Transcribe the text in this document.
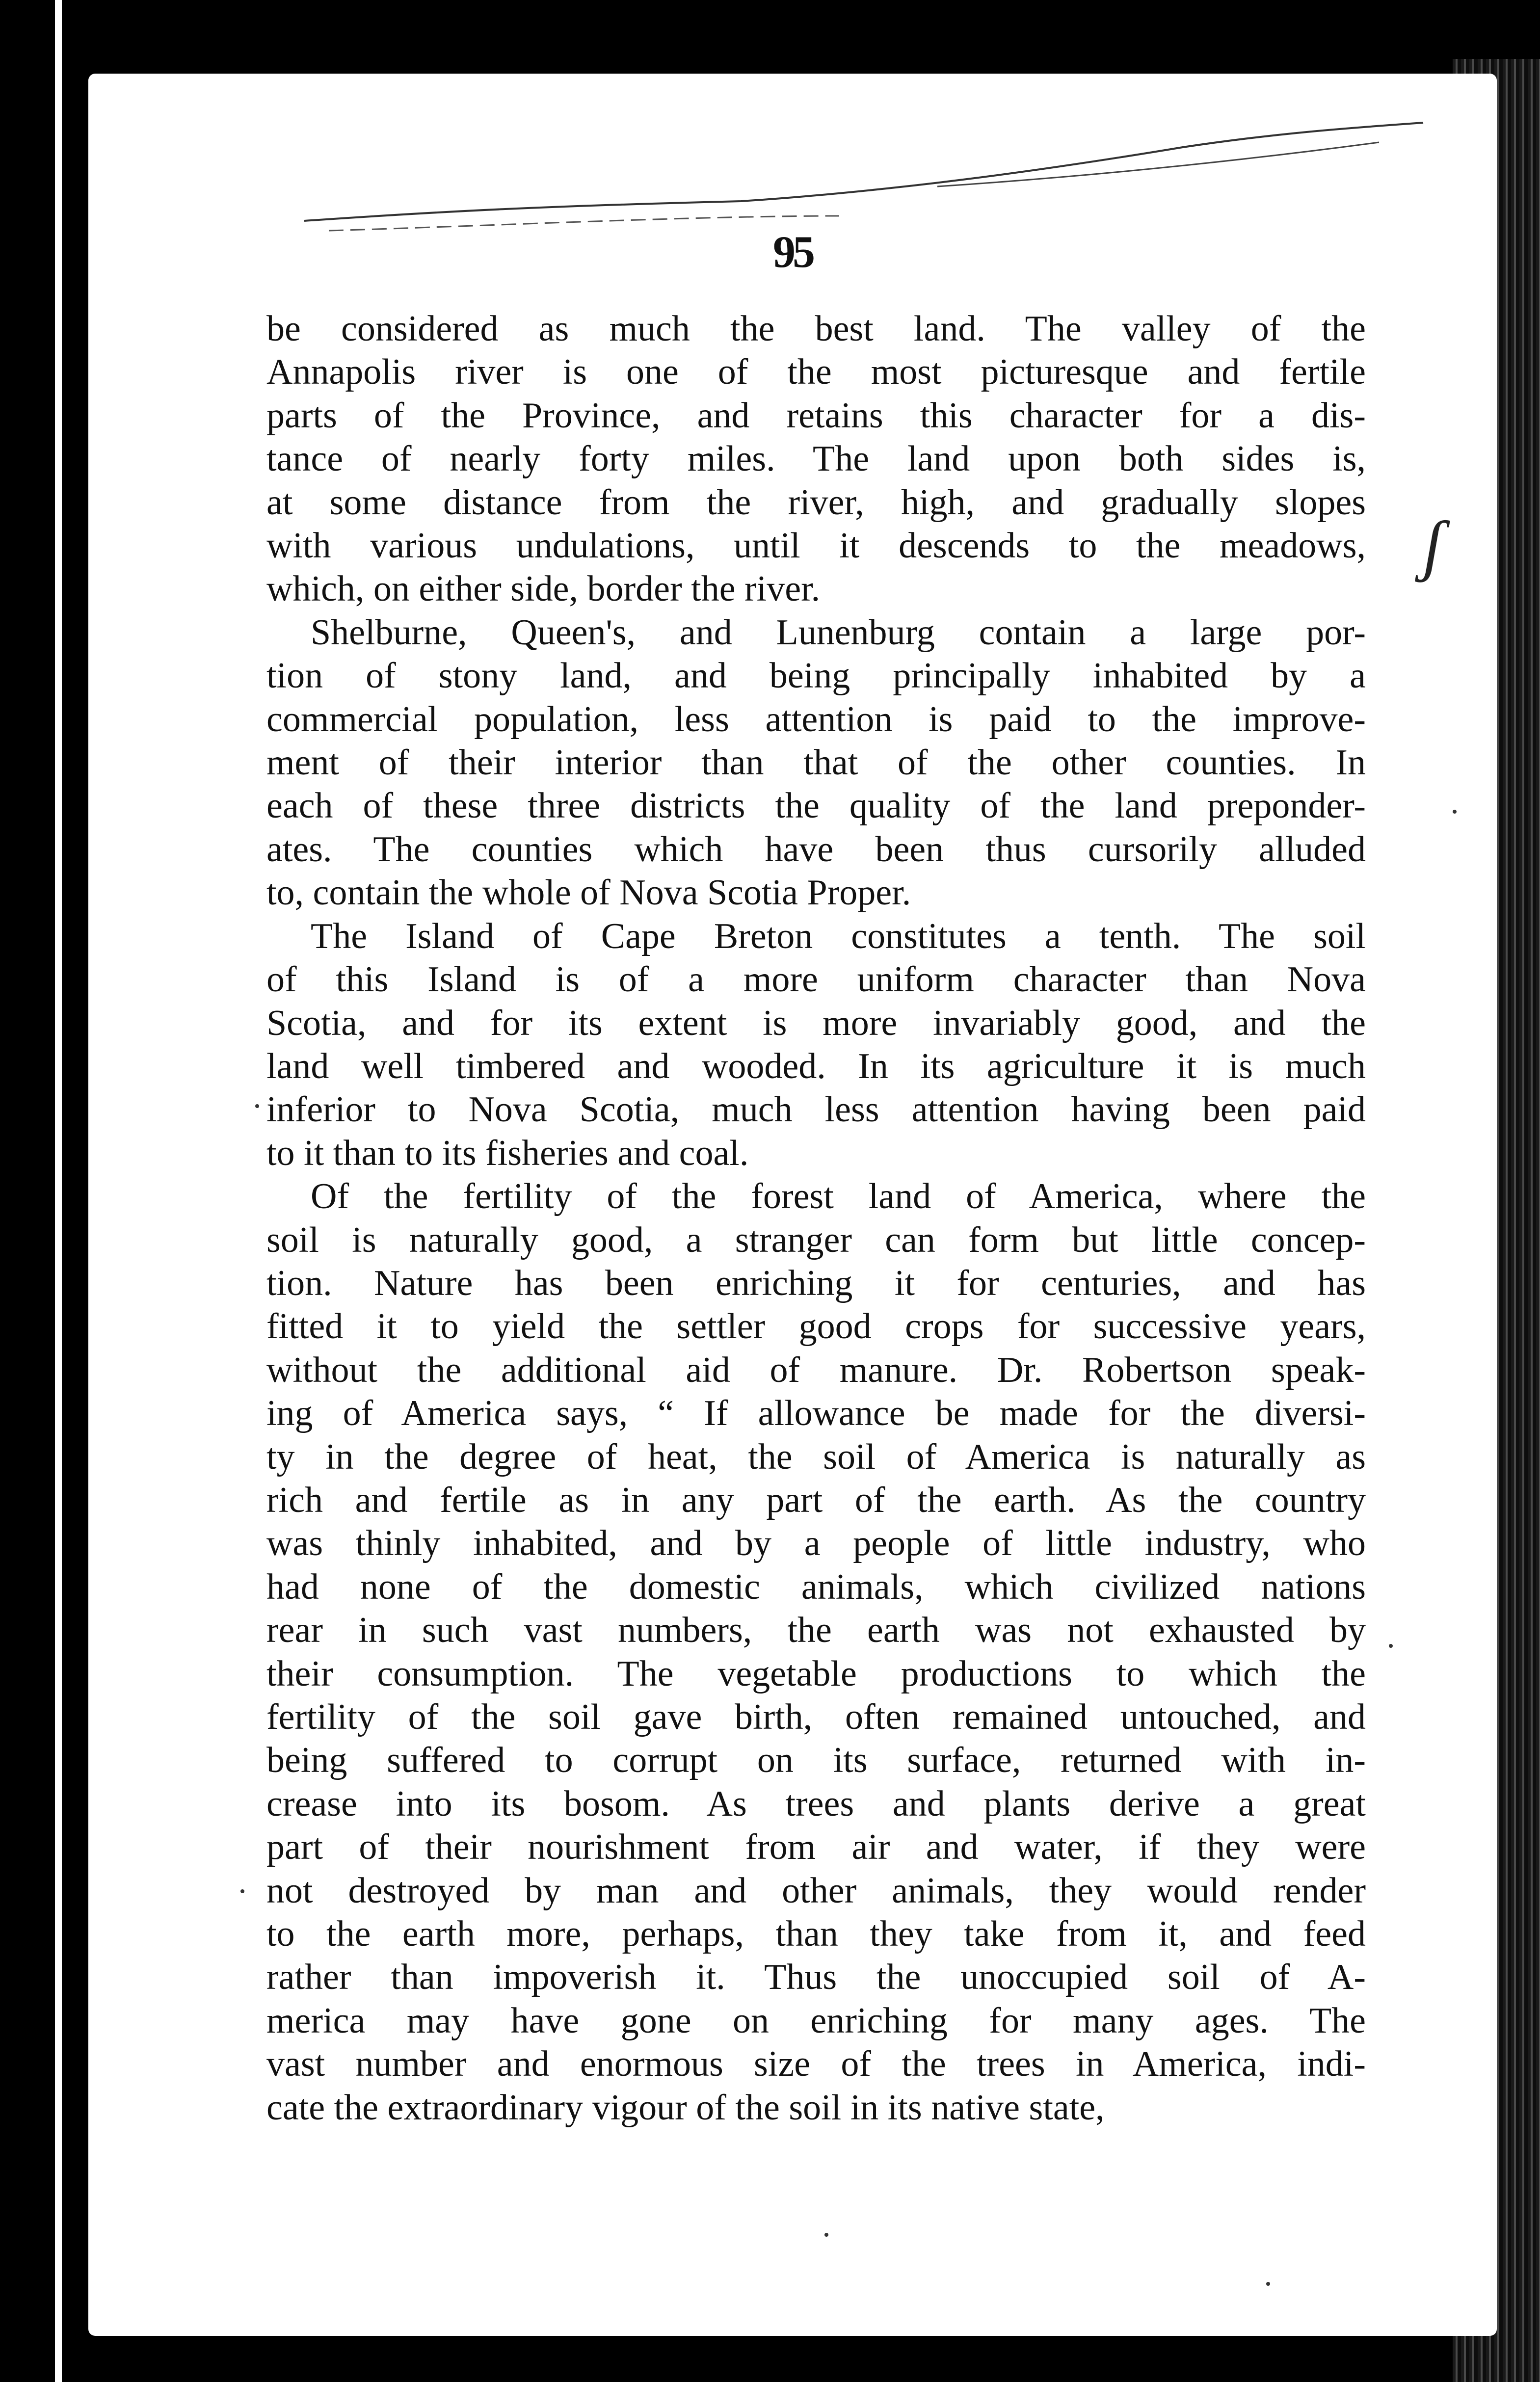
95
be considered as much the best land. The valley of the
Annapolis river is one of the most picturesque and fertile
parts of the Province, and retains this character for a dis-
tance of nearly forty miles. The land upon both sides is,
at some distance from the river, high, and gradually slopes
with various undulations, until it descends to the meadows,
which, on either side, border the river.
Shelburne, Queen's, and Lunenburg contain a large por-
tion of stony land, and being principally inhabited by a
commercial population, less attention is paid to the improve-
ment of their interior than that of the other counties. In
each of these three districts the quality of the land preponder-
ates. The counties which have been thus cursorily alluded
to, contain the whole of Nova Scotia Proper.
The Island of Cape Breton constitutes a tenth. The soil
of this Island is of a more uniform character than Nova
Scotia, and for its extent is more invariably good, and the
land well timbered and wooded. In its agriculture it is much
inferior to Nova Scotia, much less attention having been paid
to it than to its fisheries and coal.
Of the fertility of the forest land of America, where the
soil is naturally good, a stranger can form but little concep-
tion. Nature has been enriching it for centuries, and has
fitted it to yield the settler good crops for successive years,
without the additional aid of manure. Dr. Robertson speak-
ing of America says, “ If allowance be made for the diversi-
ty in the degree of heat, the soil of America is naturally as
rich and fertile as in any part of the earth. As the country
was thinly inhabited, and by a people of little industry, who
had none of the domestic animals, which civilized nations
rear in such vast numbers, the earth was not exhausted by
their consumption. The vegetable productions to which the
fertility of the soil gave birth, often remained untouched, and
being suffered to corrupt on its surface, returned with in-
crease into its bosom. As trees and plants derive a great
part of their nourishment from air and water, if they were
not destroyed by man and other animals, they would render
to the earth more, perhaps, than they take from it, and feed
rather than impoverish it. Thus the unoccupied soil of A-
merica may have gone on enriching for many ages. The
vast number and enormous size of the trees in America, indi-
cate the extraordinary vigour of the soil in its native state,
ʃ
